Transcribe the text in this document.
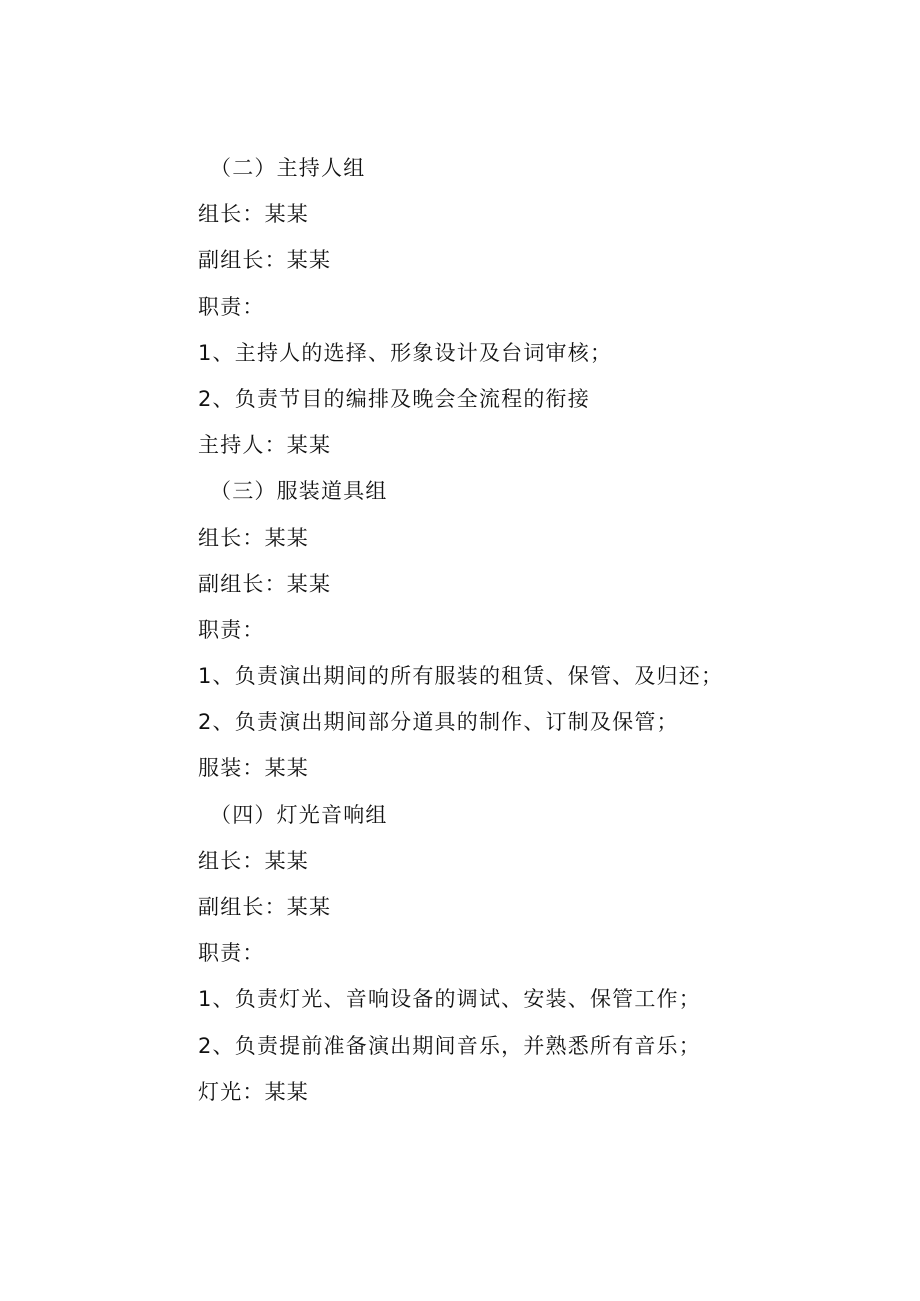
（二）主持人组
组长：某某
副组长：某某
职责：
1、主持人的选择、形象设计及台词审核；
2、负责节目的编排及晚会全流程的衔接
主持人：某某
（三）服装道具组
组长：某某
副组长：某某
职责：
1、负责演出期间的所有服装的租赁、保管、及归还；
2、负责演出期间部分道具的制作、订制及保管；
服装：某某
（四）灯光音响组
组长：某某
副组长：某某
职责：
1、负责灯光、音响设备的调试、安装、保管工作；
2、负责提前准备演出期间音乐，并熟悉所有音乐；
灯光：某某
